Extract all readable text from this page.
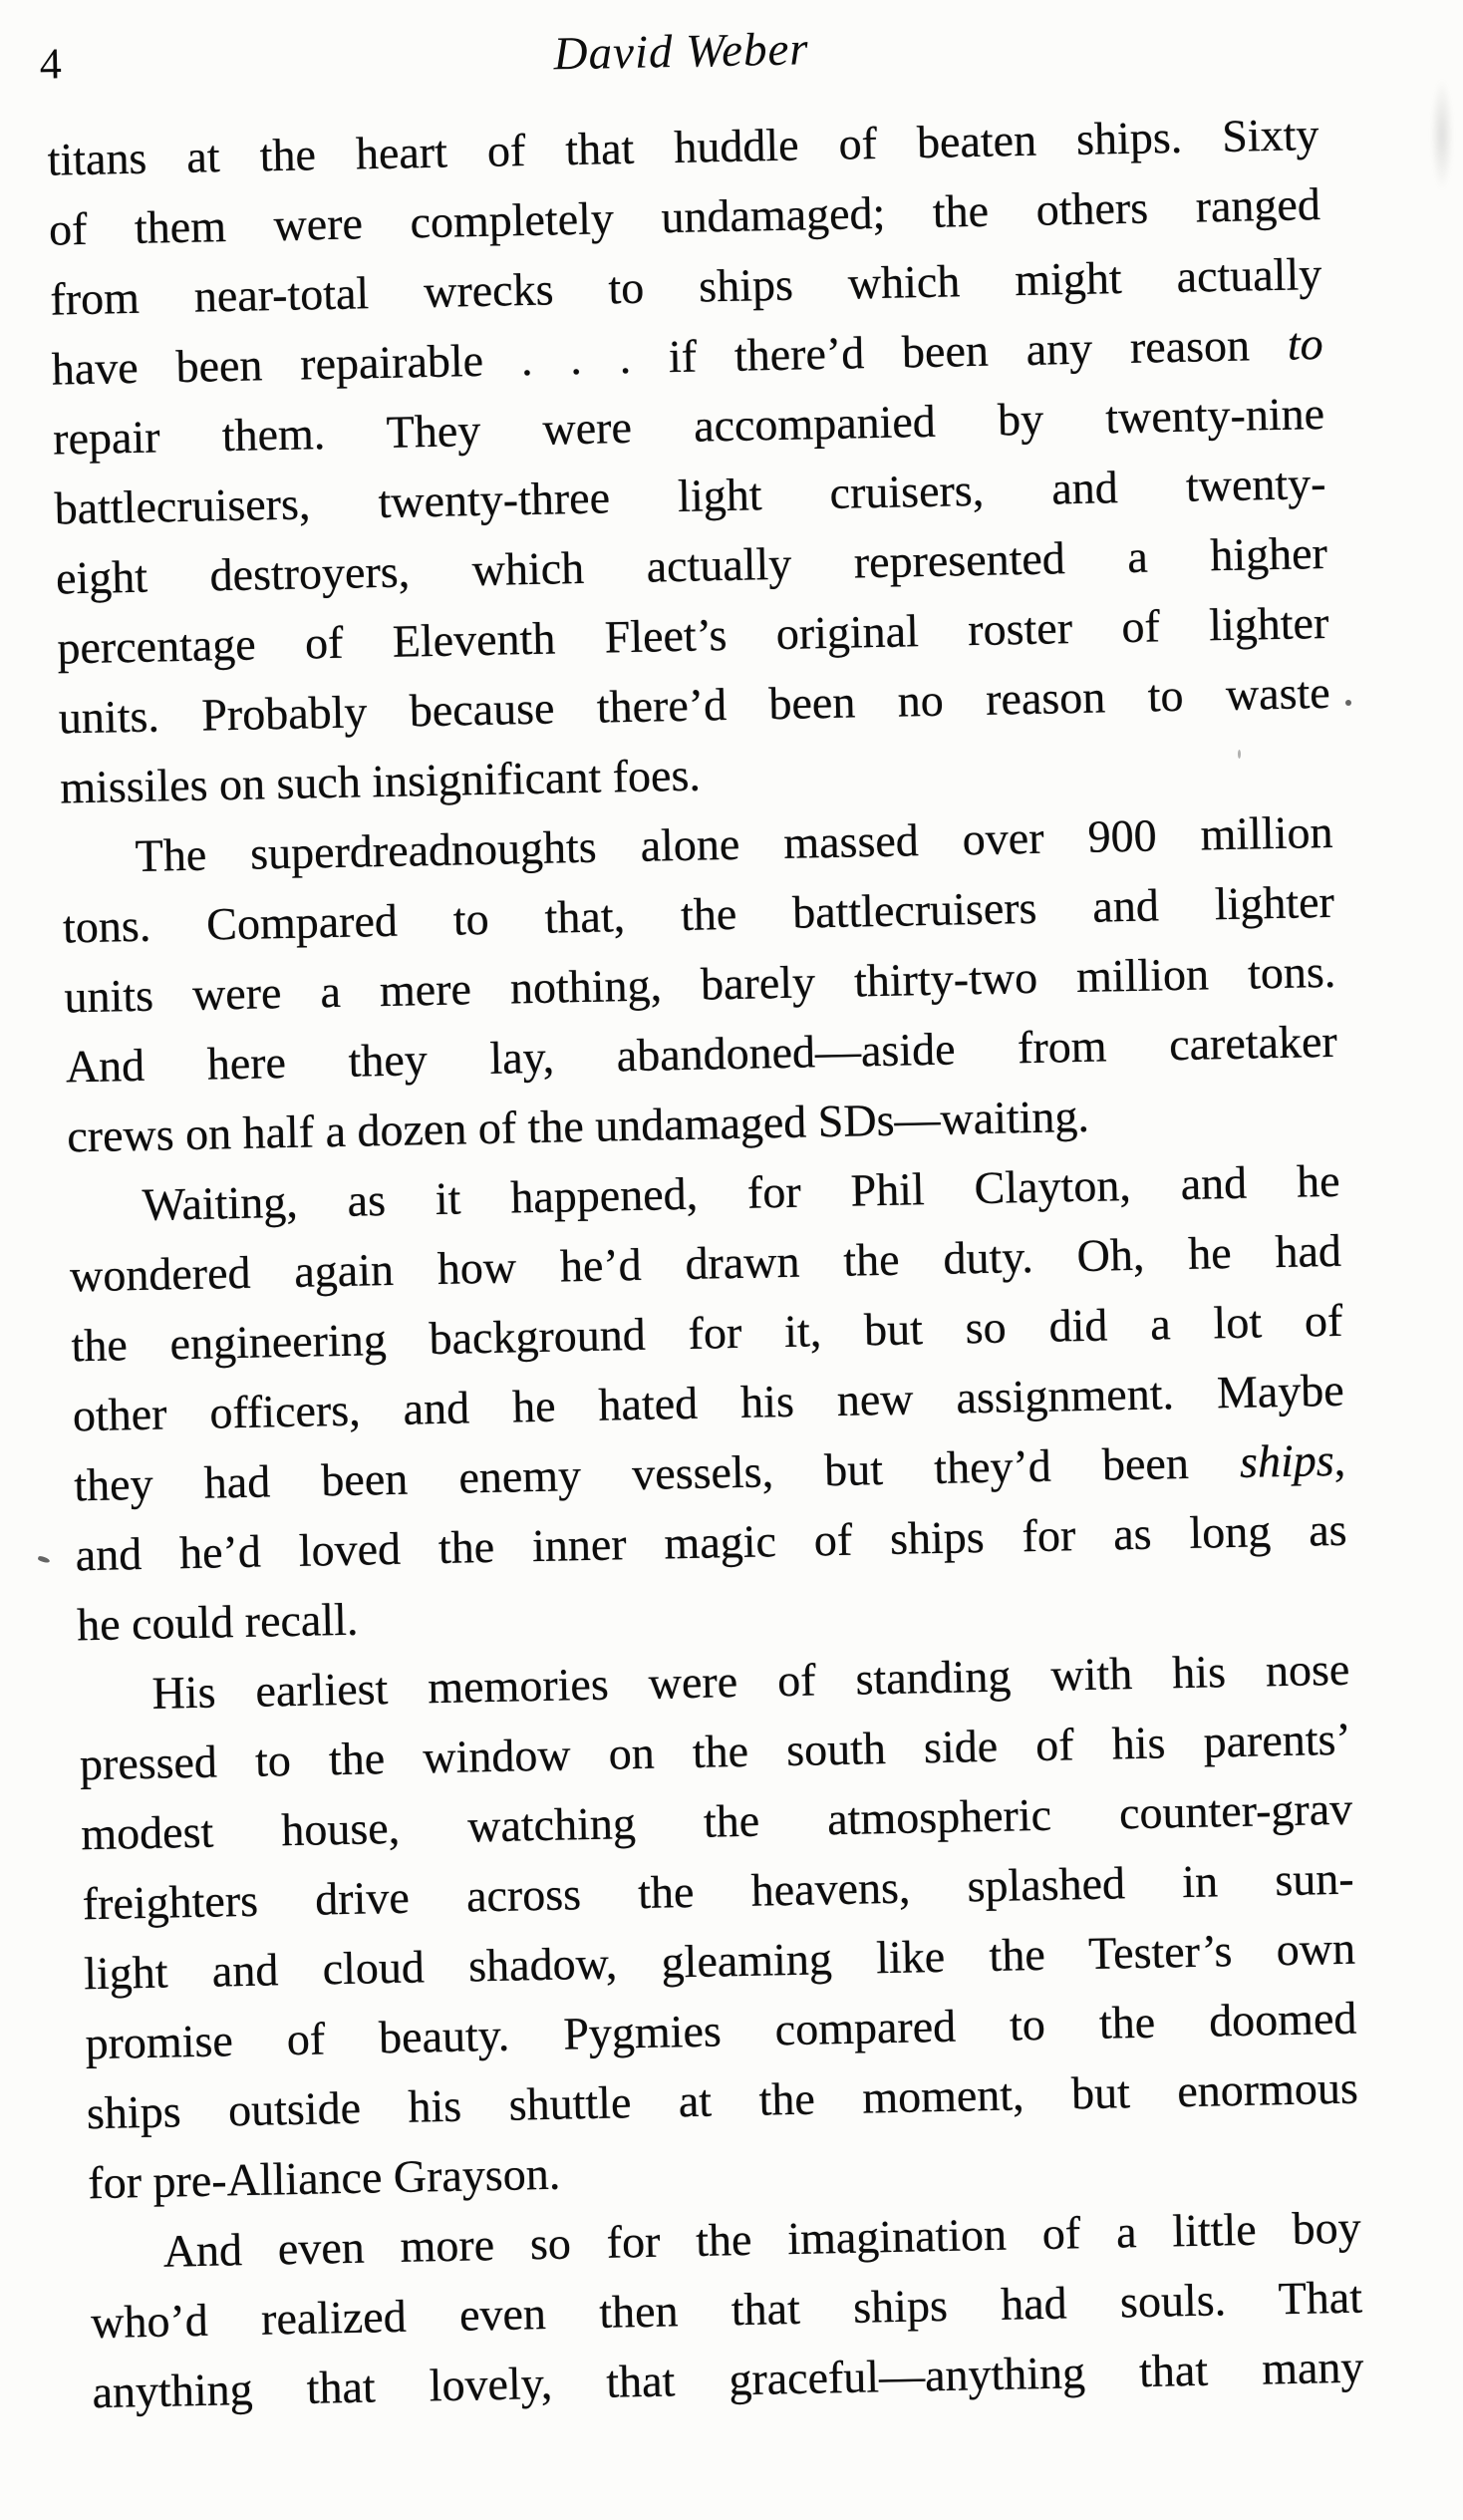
4	David Weber
titans at the heart of that huddle of beaten ships. Sixty
of them were completely undamaged; the others ranged
from near-total wrecks to ships which might actually
have been repairable . . . if there’d been any reason to
repair them. They were accompanied by twenty-nine
battlecruisers, twenty-three light cruisers, and twenty-
eight destroyers, which actually represented a higher
percentage of Eleventh Fleet’s original roster of lighter
units. Probably because there’d been no reason to waste
missiles on such insignificant foes.
The superdreadnoughts alone massed over 900 million
tons. Compared to that, the battlecruisers and lighter
units were a mere nothing, barely thirty-two million tons.
And here they lay, abandoned—aside from caretaker
crews on half a dozen of the undamaged SDs—waiting.
Waiting, as it happened, for Phil Clayton, and he
wondered again how he’d drawn the duty. Oh, he had
the engineering background for it, but so did a lot of
other officers, and he hated his new assignment. Maybe
they had been enemy vessels, but they’d been ships,
and he’d loved the inner magic of ships for as long as
he could recall.
His earliest memories were of standing with his nose
pressed to the window on the south side of his parents’
modest house, watching the atmospheric counter-grav
freighters drive across the heavens, splashed in sun-
light and cloud shadow, gleaming like the Tester’s own
promise of beauty. Pygmies compared to the doomed
ships outside his shuttle at the moment, but enormous
for pre-Alliance Grayson.
And even more so for the imagination of a little boy
who’d realized even then that ships had souls. That
anything that lovely, that graceful—anything that many
